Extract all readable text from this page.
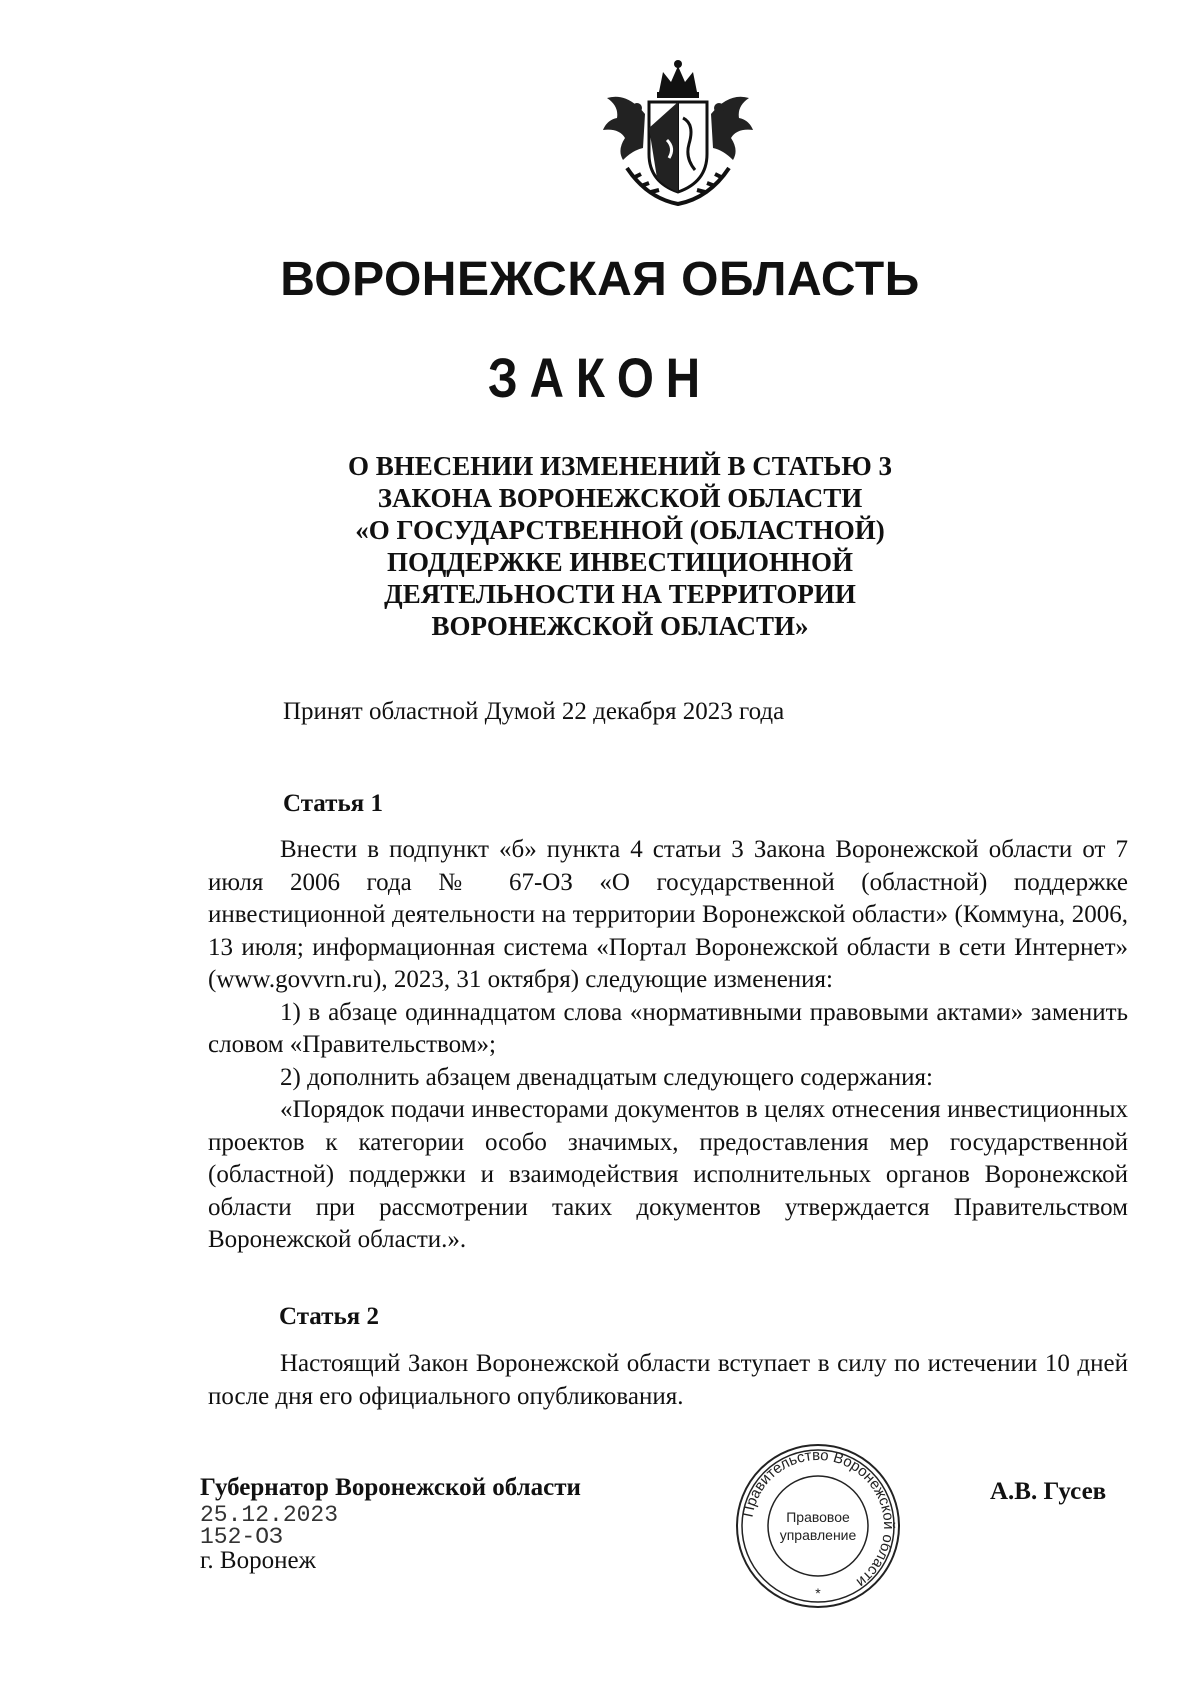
ВОРОНЕЖСКАЯ ОБЛАСТЬ
ЗАКОН
О ВНЕСЕНИИ ИЗМЕНЕНИЙ В СТАТЬЮ 3
ЗАКОНА ВОРОНЕЖСКОЙ ОБЛАСТИ
«О ГОСУДАРСТВЕННОЙ (ОБЛАСТНОЙ)
ПОДДЕРЖКЕ ИНВЕСТИЦИОННОЙ
ДЕЯТЕЛЬНОСТИ НА ТЕРРИТОРИИ
ВОРОНЕЖСКОЙ ОБЛАСТИ»
Принят областной Думой 22 декабря 2023 года
Статья 1
Внести в подпункт «б» пункта 4 статьи 3 Закона Воронежской области от 7 июля 2006 года № 67-ОЗ «О государственной (областной) поддержке инвестиционной деятельности на территории Воронежской области» (Коммуна, 2006, 13 июля; информационная система «Портал Воронежской области в сети Интернет» (www.govvrn.ru), 2023, 31 октября) следующие изменения:
1) в абзаце одиннадцатом слова «нормативными правовыми актами» заменить словом «Правительством»;
2) дополнить абзацем двенадцатым следующего содержания:
«Порядок подачи инвесторами документов в целях отнесения инвестиционных проектов к категории особо значимых, предоставления мер государственной (областной) поддержки и взаимодействия исполнительных органов Воронежской области при рассмотрении таких документов утверждается Правительством Воронежской области.».
Статья 2
Настоящий Закон Воронежской области вступает в силу по истечении 10 дней после дня его официального опубликования.
Губернатор Воронежской области
25.12.2023
152-ОЗ
г. Воронеж
А.В. Гусев
Правительство Воронежской области
Правовое
управление
*
